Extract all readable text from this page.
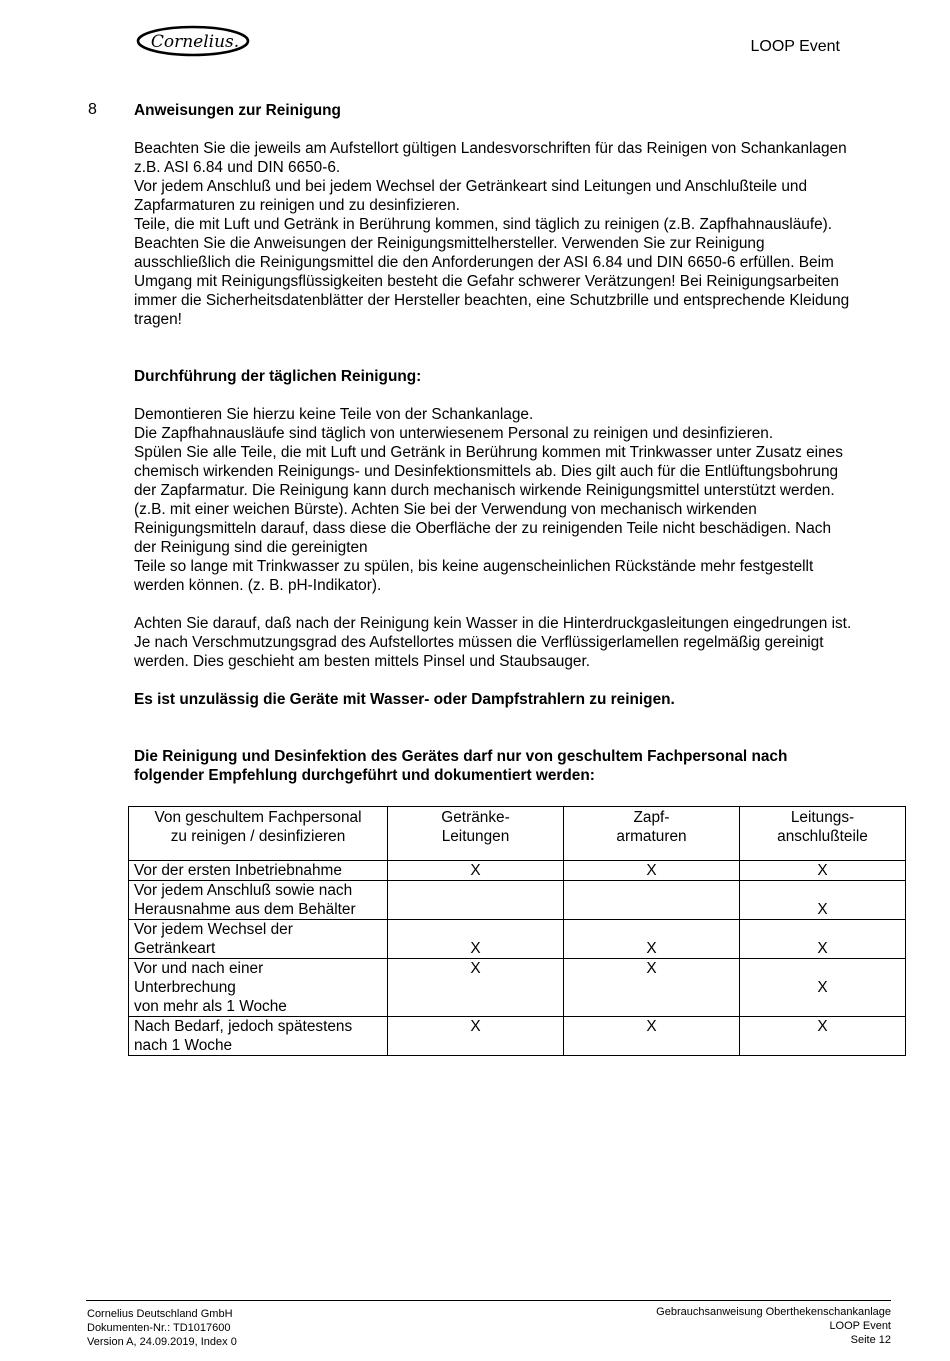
Cornelius.	LOOP Event
8 Anweisungen zur Reinigung

Beachten Sie die jeweils am Aufstellort gültigen Landesvorschriften für das Reinigen von Schankanlagen

z.B. ASI 6.84 und DIN 6650-6.

Vor jedem Anschluß und bei jedem Wechsel der Getränkeart sind Leitungen und Anschlußteile und

Zapfarmaturen zu reinigen und zu desinfizieren.

Teile, die mit Luft und Getränk in Berührung kommen, sind täglich zu reinigen (z.B. Zapfhahnausläufe).

Beachten Sie die Anweisungen der Reinigungsmittelhersteller. Verwenden Sie zur Reinigung

ausschließlich die Reinigungsmittel die den Anforderungen der ASI 6.84 und DIN 6650-6 erfüllen. Beim

Umgang mit Reinigungsflüssigkeiten besteht die Gefahr schwerer Verätzungen! Bei Reinigungsarbeiten

immer die Sicherheitsdatenblätter der Hersteller beachten, eine Schutzbrille und entsprechende Kleidung

tragen!

Durchführung der täglichen Reinigung:

Demontieren Sie hierzu keine Teile von der Schankanlage.

Die Zapfhahnausläufe sind täglich von unterwiesenem Personal zu reinigen und desinfizieren.

Spülen Sie alle Teile, die mit Luft und Getränk in Berührung kommen mit Trinkwasser unter Zusatz eines

chemisch wirkenden Reinigungs- und Desinfektionsmittels ab. Dies gilt auch für die Entlüftungsbohrung

der Zapfarmatur. Die Reinigung kann durch mechanisch wirkende Reinigungsmittel unterstützt werden.

(z.B. mit einer weichen Bürste). Achten Sie bei der Verwendung von mechanisch wirkenden

Reinigungsmitteln darauf, dass diese die Oberfläche der zu reinigenden Teile nicht beschädigen. Nach

der Reinigung sind die gereinigten

Teile so lange mit Trinkwasser zu spülen, bis keine augenscheinlichen Rückstände mehr festgestellt

werden können. (z. B. pH-Indikator).

Achten Sie darauf, daß nach der Reinigung kein Wasser in die Hinterdruckgasleitungen eingedrungen ist.

Je nach Verschmutzungsgrad des Aufstellortes müssen die Verflüssigerlamellen regelmäßig gereinigt

werden. Dies geschieht am besten mittels Pinsel und Staubsauger.

Es ist unzulässig die Geräte mit Wasser- oder Dampfstrahlern zu reinigen.

Die Reinigung und Desinfektion des Gerätes darf nur von geschultem Fachpersonal nach

folgender Empfehlung durchgeführt und dokumentiert werden:

Von geschultem Fachpersonal
zu reinigen / desinfizieren	Getränke-
Leitungen	Zapf-
armaturen	Leitungs-
anschlußteile

Vor der ersten Inbetriebnahme	X	X	X

Vor jedem Anschluß sowie nach
Herausnahme aus dem Behälter			X

Vor jedem Wechsel der
Getränkeart	X	X	X

Vor und nach einer
Unterbrechung
von mehr als 1 Woche	X	X	X

Nach Bedarf, jedoch spätestens
nach 1 Woche	X	X	X
Cornelius Deutschland GmbH
Dokumenten-Nr.: TD1017600
Version A, 24.09.2019, Index 0
Gebrauchsanweisung Oberthekenschankanlage
LOOP Event
Seite 12
